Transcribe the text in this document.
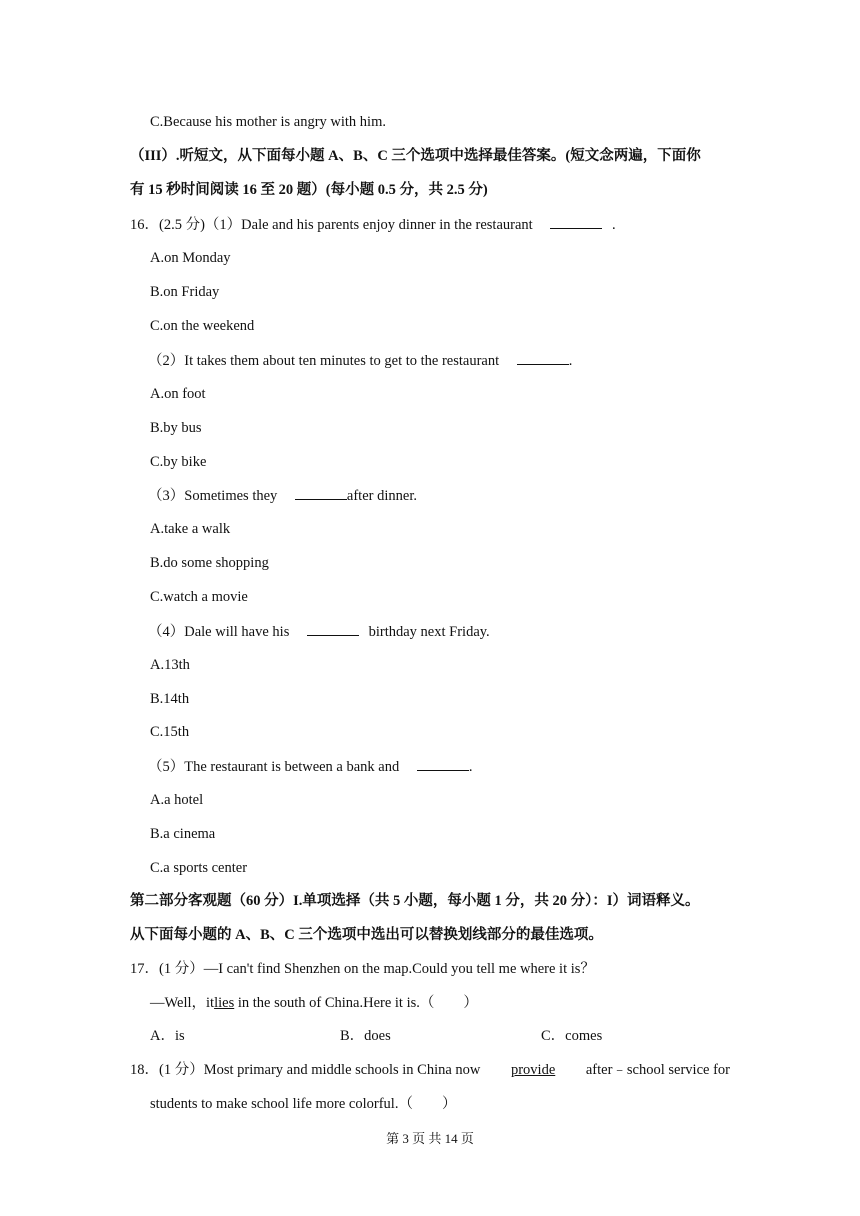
C.Because his mother is angry with him.
（III）.听短文，从下面每小题 A、B、C 三个选项中选择最佳答案。(短文念两遍，下面你
有 15 秒时间阅读 16 至 20 题）(每小题 0.5 分，共 2.5 分)
16．(2.5 分)（1）Dale and his parents enjoy dinner in the restaurant	.
A.on Monday
B.on Friday
C.on the weekend
（2）It takes them about ten minutes to get to the restaurant	.
A.on foot
B.by bus
C.by bike
（3）Sometimes they	after dinner.
A.take a walk
B.do some shopping
C.watch a movie
（4）Dale will have his	birthday next Friday.
A.13th
B.14th
C.15th
（5）The restaurant is between a bank and	.
A.a hotel
B.a cinema
C.a sports center
第二部分客观题（60 分）I.单项选择（共 5 小题，每小题 1 分，共 20 分）：I）词语释义。
从下面每小题的 A、B、C 三个选项中选出可以替换划线部分的最佳选项。
17．(1 分）—I can't find Shenzhen on the map.Could you tell me where it is？
—Well，itlies in the south of China.Here it is.（　　）
A．is	B．does	C．comes
18．(1 分）Most primary and middle schools in China now provide after﹣school service for
students to make school life more colorful.（　　）
第 3 页 共 14 页
